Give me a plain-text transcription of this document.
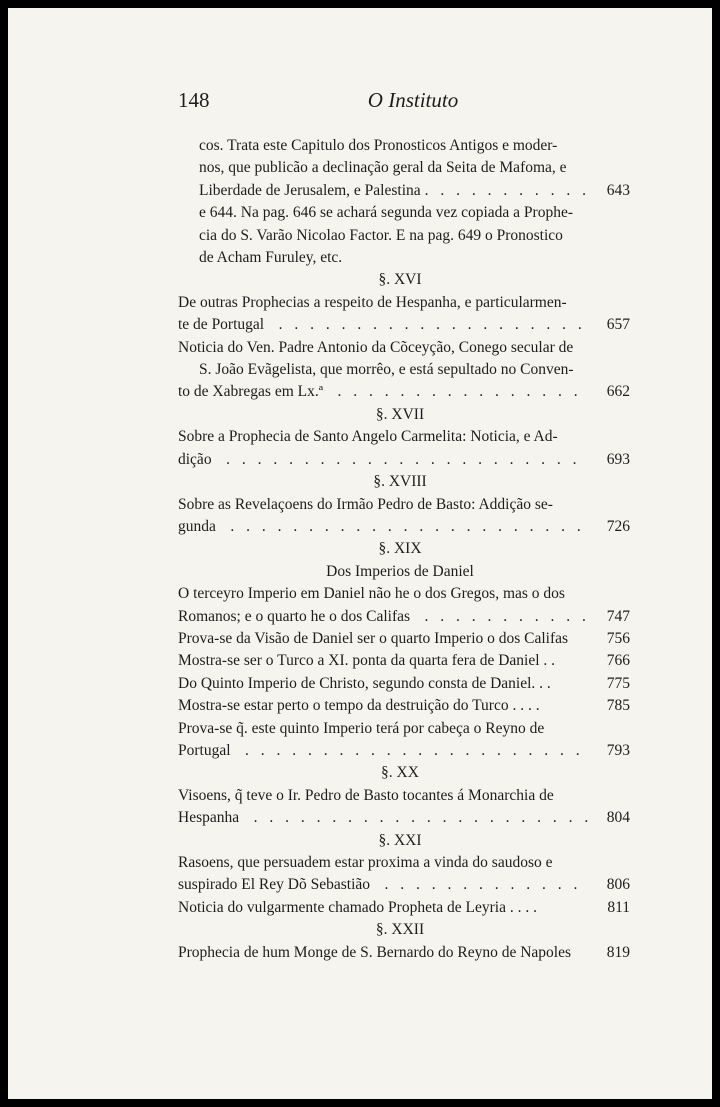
148	O Instituto
cos. Trata este Capitulo dos Pronosticos Antigos e moder-
nos, que publicão a declinação geral da Seita de Mafoma, e
Liberdade de Jerusalem, e Palestina . . .	643
e 644. Na pag. 646 se achará segunda vez copiada a Prophe-
cia do S. Varão Nicolao Factor. E na pag. 649 o Pronostico
de Acham Furuley, etc.
§. XVI
De outras Prophecias a respeito de Hespanha, e particularmen-

te de Portugal . . .	657
Noticia do Ven. Padre Antonio da Cõceyção, Conego secular de
S. João Evãgelista, que morrêo, e está sepultado no Conven-

to de Xabregas em Lx.ª . . .	662
§. XVII
Sobre a Prophecia de Santo Angelo Carmelita: Noticia, e Ad-

dição . . .	693
§. XVIII
Sobre as Revelaçoens do Irmão Pedro de Basto: Addição se-

gunda . . .	726
§. XIX
Dos Imperios de Daniel
O terceyro Imperio em Daniel não he o dos Gregos, mas o dos

Romanos; e o quarto he o dos Califas . . .	747
Prova-se da Visão de Daniel ser o quarto Imperio o dos Califas 756
Mostra-se ser o Turco a XI. ponta da quarta fera de Daniel . .	766
Do Quinto Imperio de Christo, segundo consta de Daniel. . .	775
Mostra-se estar perto o tempo da destruição do Turco . . . .	785
Prova-se q̃. este quinto Imperio terá por cabeça o Reyno de

Portugal . . .	793
§. XX
Visoens, q̃ teve o Ir. Pedro de Basto tocantes á Monarchia de

Hespanha . . .	804
§. XXI
Rasoens, que persuadem estar proxima a vinda do saudoso e

suspirado El Rey Dõ Sebastião . . .	806
Noticia do vulgarmente chamado Propheta de Leyria . . . .	811
§. XXII
Prophecia de hum Monge de S. Bernardo do Reyno de Napoles 819
